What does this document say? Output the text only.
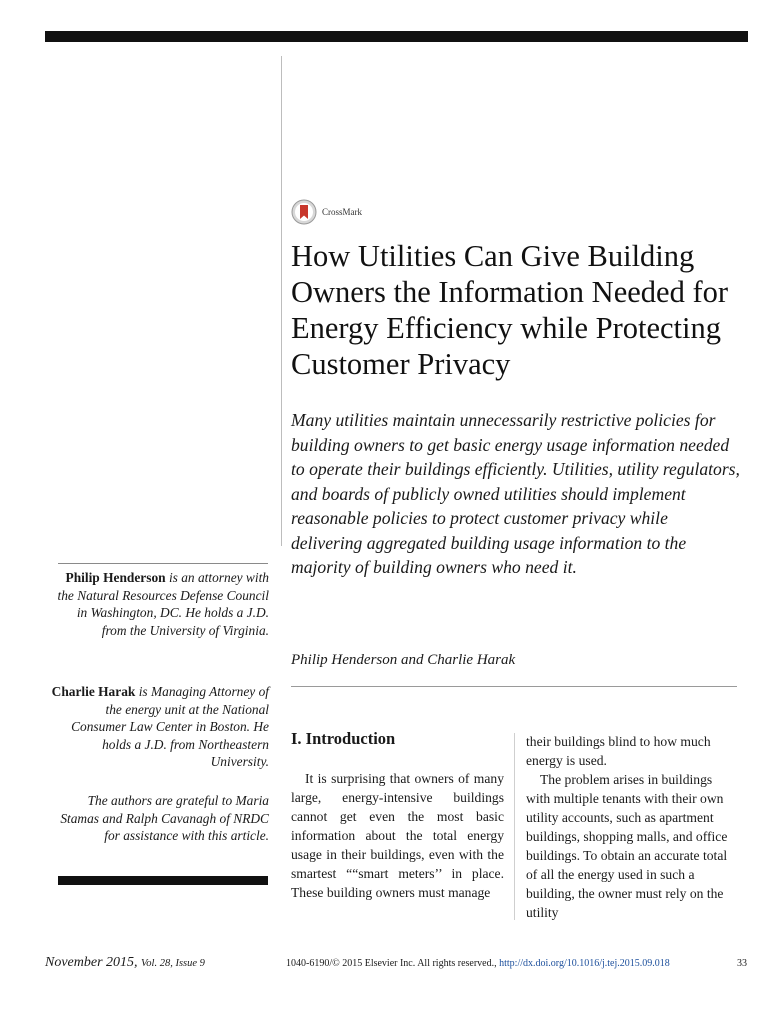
CrossMark
How Utilities Can Give Building Owners the Information Needed for Energy Efficiency while Protecting Customer Privacy

Many utilities maintain unnecessarily restrictive policies for building owners to get basic energy usage information needed to operate their buildings efficiently. Utilities, utility regulators, and boards of publicly owned utilities should implement reasonable policies to protect customer privacy while delivering aggregated building usage information to the majority of building owners who need it.

Philip Henderson and Charlie Harak

Philip Henderson is an attorney with the Natural Resources Defense Council in Washington, DC. He holds a J.D. from the University of Virginia.

Charlie Harak is Managing Attorney of the energy unit at the National Consumer Law Center in Boston. He holds a J.D. from Northeastern University.

The authors are grateful to Maria Stamas and Ralph Cavanagh of NRDC for assistance with this article.

I. Introduction

It is surprising that owners of many large, energy-intensive buildings cannot get even the most basic information about the total energy usage in their buildings, even with the smartest ““smart meters’’ in place. These building owners must manage

their buildings blind to how much energy is used.

The problem arises in buildings with multiple tenants with their own utility accounts, such as apartment buildings, shopping malls, and office buildings. To obtain an accurate total of all the energy used in such a building, the owner must rely on the utility

November 2015, Vol. 28, Issue 9	1040-6190/© 2015 Elsevier Inc. All rights reserved., http://dx.doi.org/10.1016/j.tej.2015.09.018	33
